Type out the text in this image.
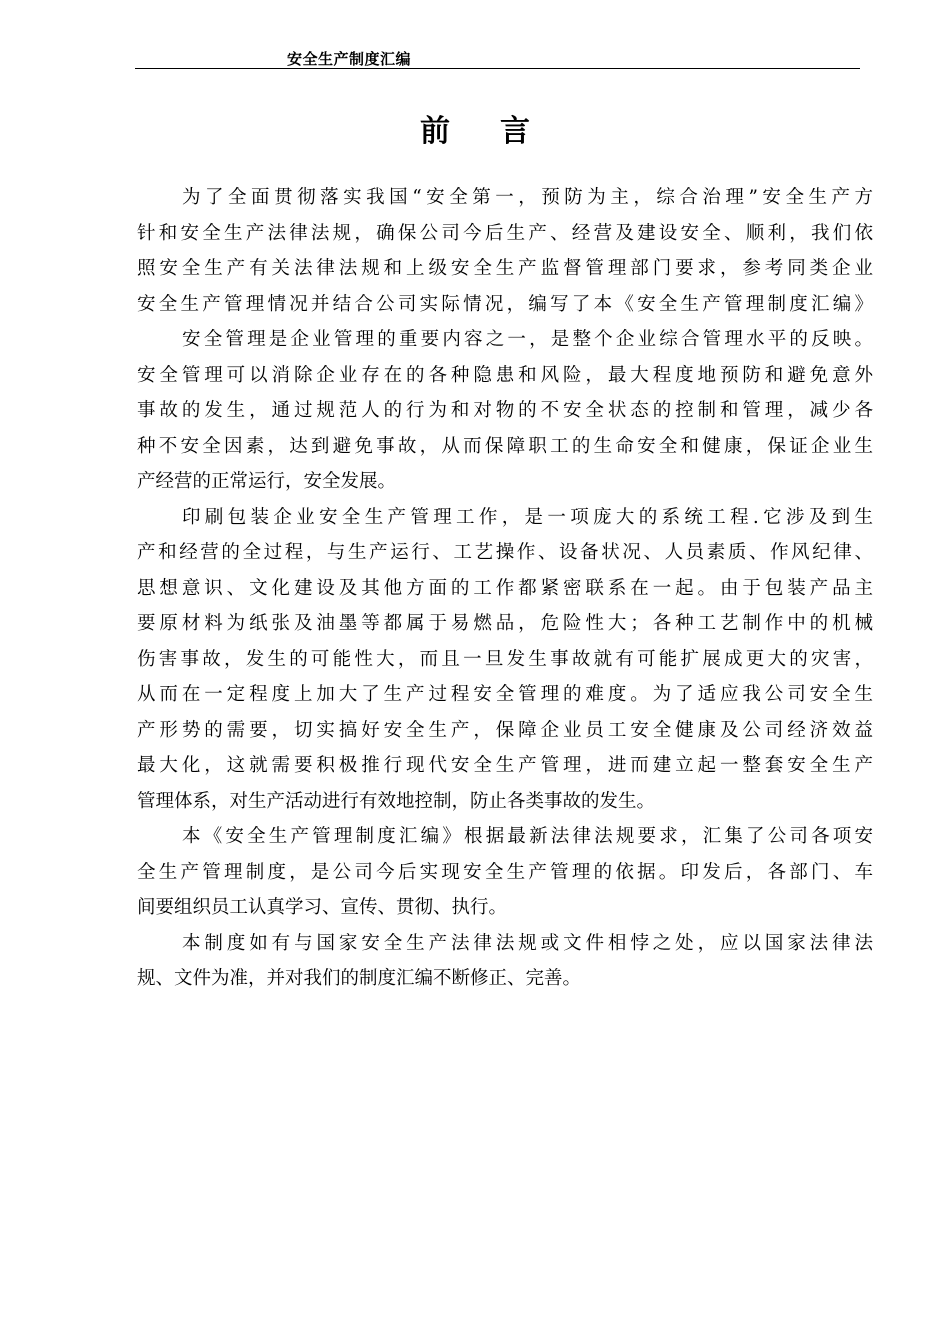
安全生产制度汇编
前言
为了全面贯彻落实我国“安全第一，预防为主，综合治理”安全生产方
针和安全生产法律法规，确保公司今后生产、经营及建设安全、顺利，我们依
照安全生产有关法律法规和上级安全生产监督管理部门要求，参考同类企业
安全生产管理情况并结合公司实际情况，编写了本《安全生产管理制度汇编》
安全管理是企业管理的重要内容之一，是整个企业综合管理水平的反映。
安全管理可以消除企业存在的各种隐患和风险，最大程度地预防和避免意外
事故的发生，通过规范人的行为和对物的不安全状态的控制和管理，减少各
种不安全因素，达到避免事故，从而保障职工的生命安全和健康，保证企业生
产经营的正常运行，安全发展。
印刷包装企业安全生产管理工作，是一项庞大的系统工程.它涉及到生
产和经营的全过程，与生产运行、工艺操作、设备状况、人员素质、作风纪律、
思想意识、文化建设及其他方面的工作都紧密联系在一起。由于包装产品主
要原材料为纸张及油墨等都属于易燃品，危险性大；各种工艺制作中的机械
伤害事故，发生的可能性大，而且一旦发生事故就有可能扩展成更大的灾害，
从而在一定程度上加大了生产过程安全管理的难度。为了适应我公司安全生
产形势的需要，切实搞好安全生产，保障企业员工安全健康及公司经济效益
最大化，这就需要积极推行现代安全生产管理，进而建立起一整套安全生产
管理体系，对生产活动进行有效地控制，防止各类事故的发生。
本《安全生产管理制度汇编》根据最新法律法规要求，汇集了公司各项安
全生产管理制度，是公司今后实现安全生产管理的依据。印发后，各部门、车
间要组织员工认真学习、宣传、贯彻、执行。
本制度如有与国家安全生产法律法规或文件相悖之处，应以国家法律法
规、文件为准，并对我们的制度汇编不断修正、完善。
